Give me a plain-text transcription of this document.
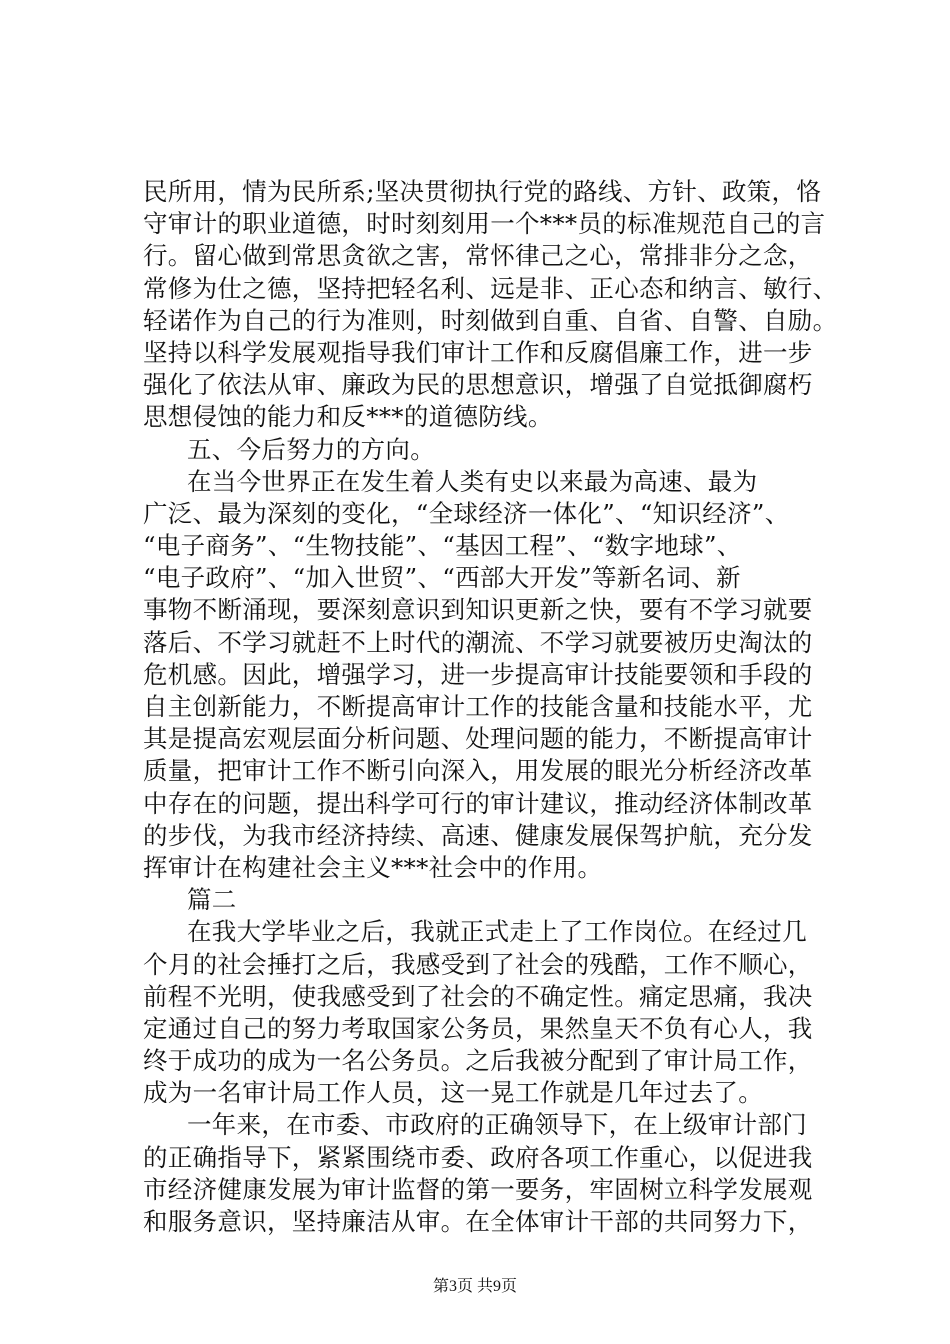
民所用，情为民所系;坚决贯彻执行党的路线、方针、政策，恪
守审计的职业道德，时时刻刻用一个***员的标准规范自己的言
行。留心做到常思贪欲之害，常怀律己之心，常排非分之念，
常修为仕之德，坚持把轻名利、远是非、正心态和纳言、敏行、
轻诺作为自己的行为准则，时刻做到自重、自省、自警、自励。
坚持以科学发展观指导我们审计工作和反腐倡廉工作，进一步
强化了依法从审、廉政为民的思想意识，增强了自觉抵御腐朽
思想侵蚀的能力和反***的道德防线。
五、今后努力的方向。
在当今世界正在发生着人类有史以来最为高速、最为
广泛、最为深刻的变化，“全球经济一体化”、“知识经济”、
“电子商务”、“生物技能”、“基因工程”、“数字地球”、
“电子政府”、“加入世贸”、“西部大开发”等新名词、新
事物不断涌现，要深刻意识到知识更新之快，要有不学习就要
落后、不学习就赶不上时代的潮流、不学习就要被历史淘汰的
危机感。因此，增强学习，进一步提高审计技能要领和手段的
自主创新能力，不断提高审计工作的技能含量和技能水平，尤
其是提高宏观层面分析问题、处理问题的能力，不断提高审计
质量，把审计工作不断引向深入，用发展的眼光分析经济改革
中存在的问题，提出科学可行的审计建议，推动经济体制改革
的步伐，为我市经济持续、高速、健康发展保驾护航，充分发
挥审计在构建社会主义***社会中的作用。
篇二
在我大学毕业之后，我就正式走上了工作岗位。在经过几
个月的社会捶打之后，我感受到了社会的残酷，工作不顺心，
前程不光明，使我感受到了社会的不确定性。痛定思痛，我决
定通过自己的努力考取国家公务员，果然皇天不负有心人，我
终于成功的成为一名公务员。之后我被分配到了审计局工作，
成为一名审计局工作人员，这一晃工作就是几年过去了。
一年来，在市委、市政府的正确领导下，在上级审计部门
的正确指导下，紧紧围绕市委、政府各项工作重心，以促进我
市经济健康发展为审计监督的第一要务，牢固树立科学发展观
和服务意识，坚持廉洁从审。在全体审计干部的共同努力下，
第3页 共9页
